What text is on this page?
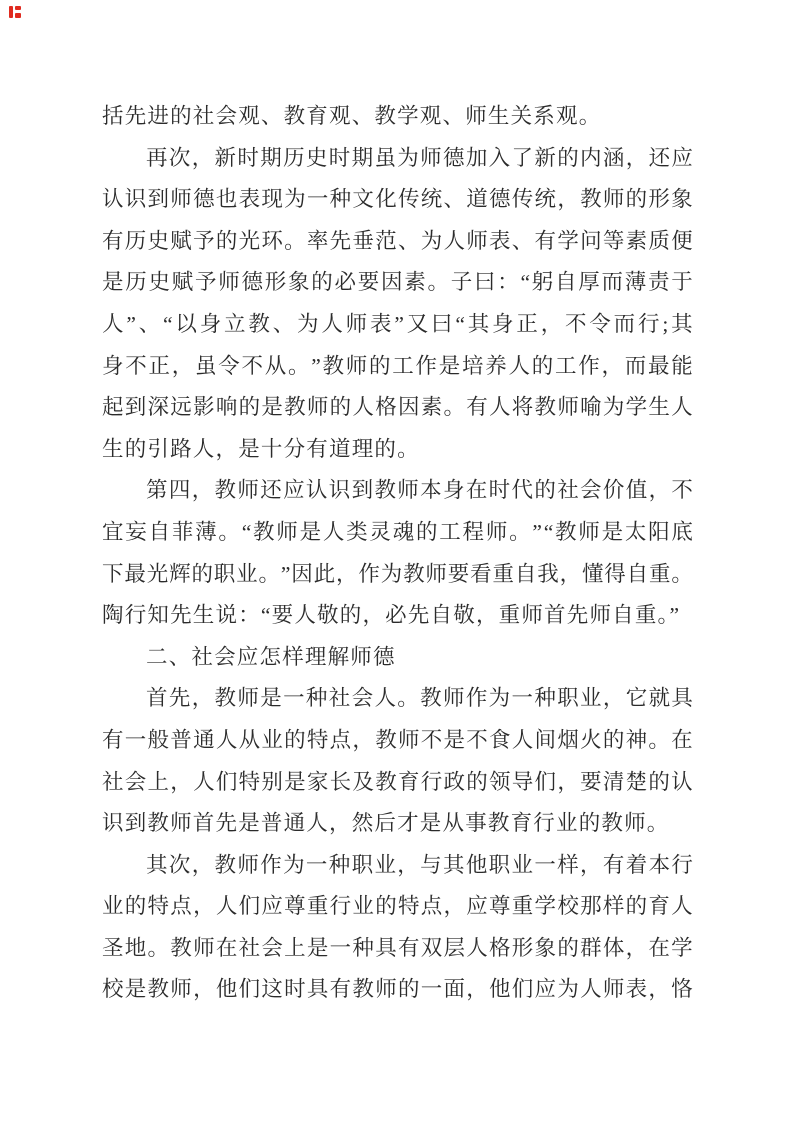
括先进的社会观、教育观、教学观、师生关系观。
再 次 ， 新 时 期 历 史 时 期 虽 为 师 德 加 入 了 新 的 内 涵 ， 还 应
认 识 到 师 德 也 表 现 为 一 种 文 化 传 统 、 道 德 传 统 ， 教 师 的 形 象
有 历 史 赋 予 的 光 环 。 率 先 垂 范 、 为 人 师 表 、 有 学 问 等 素 质 便
是 历 史 赋 予 师 德 形 象 的 必 要 因 素 。 子 曰 ： “ 躬 自 厚 而 薄 责 于
人 ” 、 “ 以 身 立 教 、 为 人 师 表 ” 又 曰 “ 其 身 正 ， 不 令 而 行 ; 其
身 不 正 ， 虽 令 不 从 。 ” 教 师 的 工 作 是 培 养 人 的 工 作 ， 而 最 能
起 到 深 远 影 响 的 是 教 师 的 人 格 因 素 。 有 人 将 教 师 喻 为 学 生 人
生的引路人，是十分有道理的。
第 四 ， 教 师 还 应 认 识 到 教 师 本 身 在 时 代 的 社 会 价 值 ， 不
宜 妄 自 菲 薄 。 “ 教 师 是 人 类 灵 魂 的 工 程 师 。 ” “ 教 师 是 太 阳 底
下 最 光 辉 的 职 业 。 ” 因 此 ， 作 为 教 师 要 看 重 自 我 ， 懂 得 自 重 。
陶行知先生说：“要人敬的，必先自敬，重师首先师自重。”
二、社会应怎样理解师德
首 先 ， 教 师 是 一 种 社 会 人 。 教 师 作 为 一 种 职 业 ， 它 就 具
有 一 般 普 通 人 从 业 的 特 点 ， 教 师 不 是 不 食 人 间 烟 火 的 神 。 在
社 会 上 ， 人 们 特 别 是 家 长 及 教 育 行 政 的 领 导 们 ， 要 清 楚 的 认
识到教师首先是普通人，然后才是从事教育行业的教师。
其 次 ， 教 师 作 为 一 种 职 业 ， 与 其 他 职 业 一 样 ， 有 着 本 行
业 的 特 点 ， 人 们 应 尊 重 行 业 的 特 点 ， 应 尊 重 学 校 那 样 的 育 人
圣 地 。 教 师 在 社 会 上 是 一 种 具 有 双 层 人 格 形 象 的 群 体 ， 在 学
校 是 教 师 ， 他 们 这 时 具 有 教 师 的 一 面 ， 他 们 应 为 人 师 表 ， 恪
